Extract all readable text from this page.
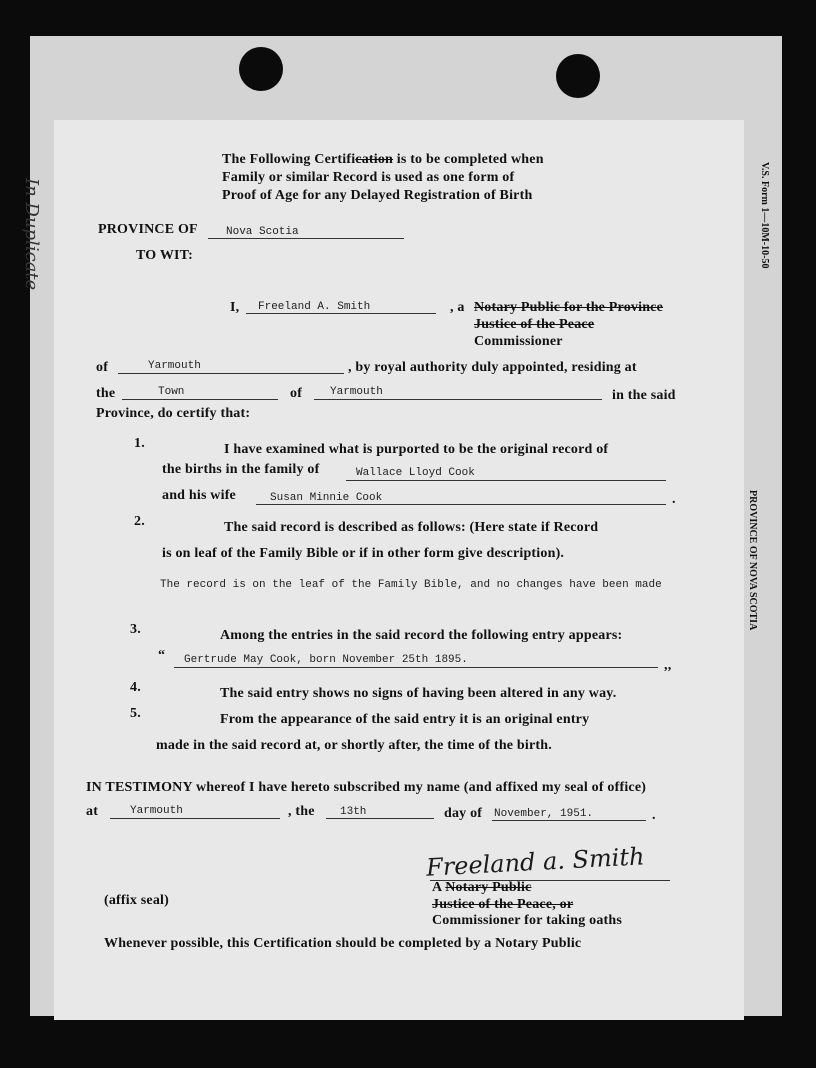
V.S. Form 1—10M-10-50
PROVINCE OF NOVA SCOTIA
In Duplicate
The Following Certification is to be completed when
Family or similar Record is used as one form of
Proof of Age for any Delayed Registration of Birth
PROVINCE OF	Nova Scotia
TO WIT:
I, Freeland A. Smith	, a Notary Public for the Province
Justice of the Peace
Commissioner
of	Yarmouth	, by royal authority duly appointed, residing at
the	Town	of	Yarmouth	in the said
Province, do certify that:
1.	I have examined what is purported to be the original record of
the births in the family of	Wallace Lloyd Cook
and his wife	Susan Minnie Cook	.
2.	The said record is described as follows: (Here state if Record
is on leaf of the Family Bible or if in other form give description).
The record is on the leaf of the Family Bible, and no changes have been made
3.	Among the entries in the said record the following entry appears:
“ Gertrude May Cook, born November 25th 1895.	,,
4.	The said entry shows no signs of having been altered in any way.
5.	From the appearance of the said entry it is an original entry
made in the said record at, or shortly after, the time of the birth.
IN TESTIMONY whereof I have hereto subscribed my name (and affixed my seal of office)
at	Yarmouth	, the 13th	day of November, 1951.	.
Freeland a. Smith
A Notary Public
Justice of the Peace, or
Commissioner for taking oaths
(affix seal)
Whenever possible, this Certification should be completed by a Notary Public
